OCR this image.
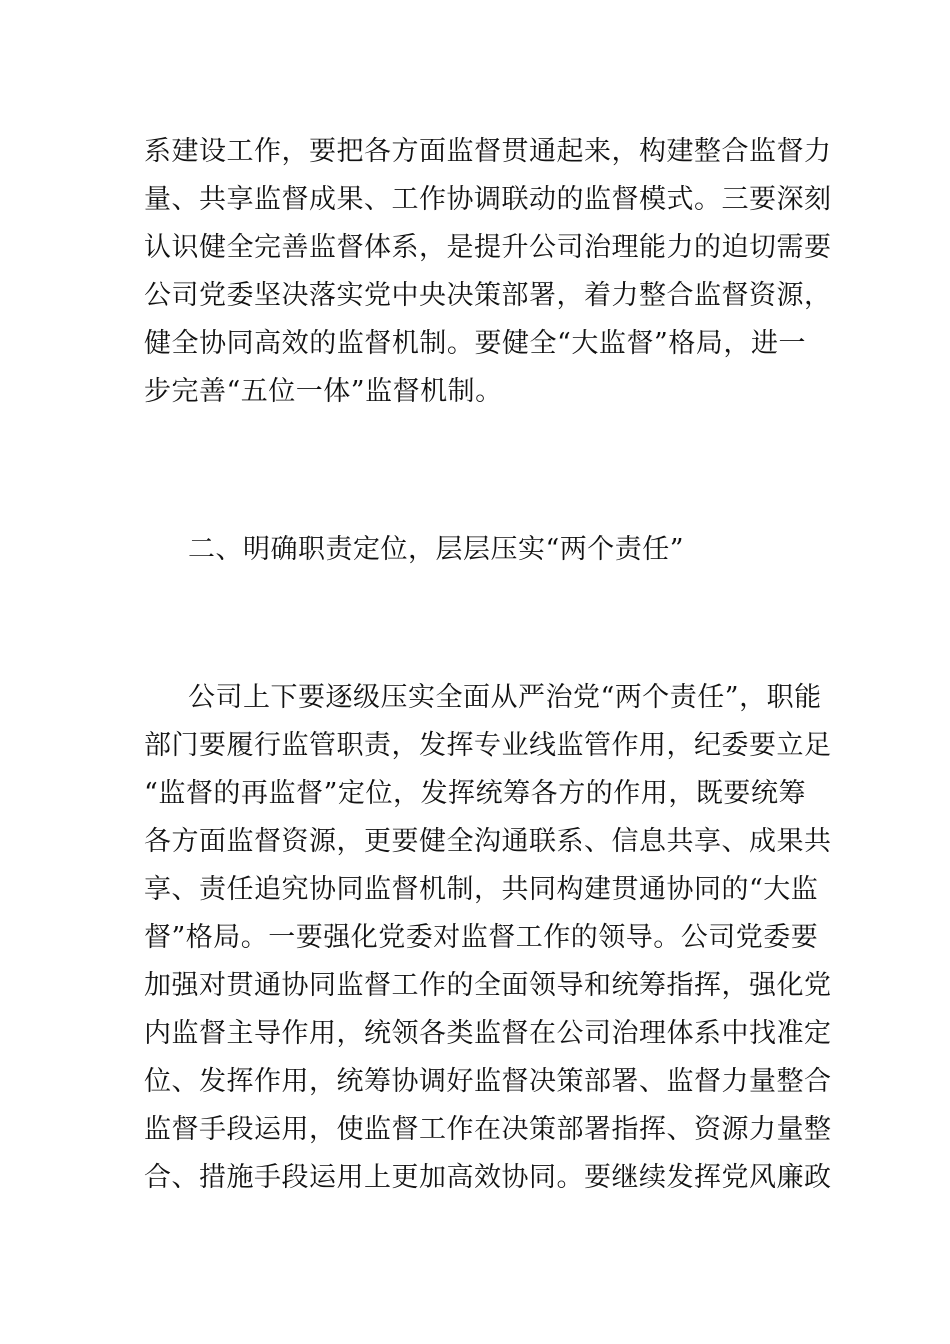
系建设工作，要把各方面监督贯通起来，构建整合监督力
量、共享监督成果、工作协调联动的监督模式。三要深刻
认识健全完善监督体系，是提升公司治理能力的迫切需要
公司党委坚决落实党中央决策部署，着力整合监督资源，
健全协同高效的监督机制。要健全“大监督”格局，进一
步完善“五位一体”监督机制。
二、明确职责定位，层层压实“两个责任”
公司上下要逐级压实全面从严治党“两个责任”，职能
部门要履行监管职责，发挥专业线监管作用，纪委要立足
“监督的再监督”定位，发挥统筹各方的作用，既要统筹
各方面监督资源，更要健全沟通联系、信息共享、成果共
享、责任追究协同监督机制，共同构建贯通协同的“大监
督”格局。一要强化党委对监督工作的领导。公司党委要
加强对贯通协同监督工作的全面领导和统筹指挥，强化党
内监督主导作用，统领各类监督在公司治理体系中找准定
位、发挥作用，统筹协调好监督决策部署、监督力量整合
监督手段运用，使监督工作在决策部署指挥、资源力量整
合、措施手段运用上更加高效协同。要继续发挥党风廉政
